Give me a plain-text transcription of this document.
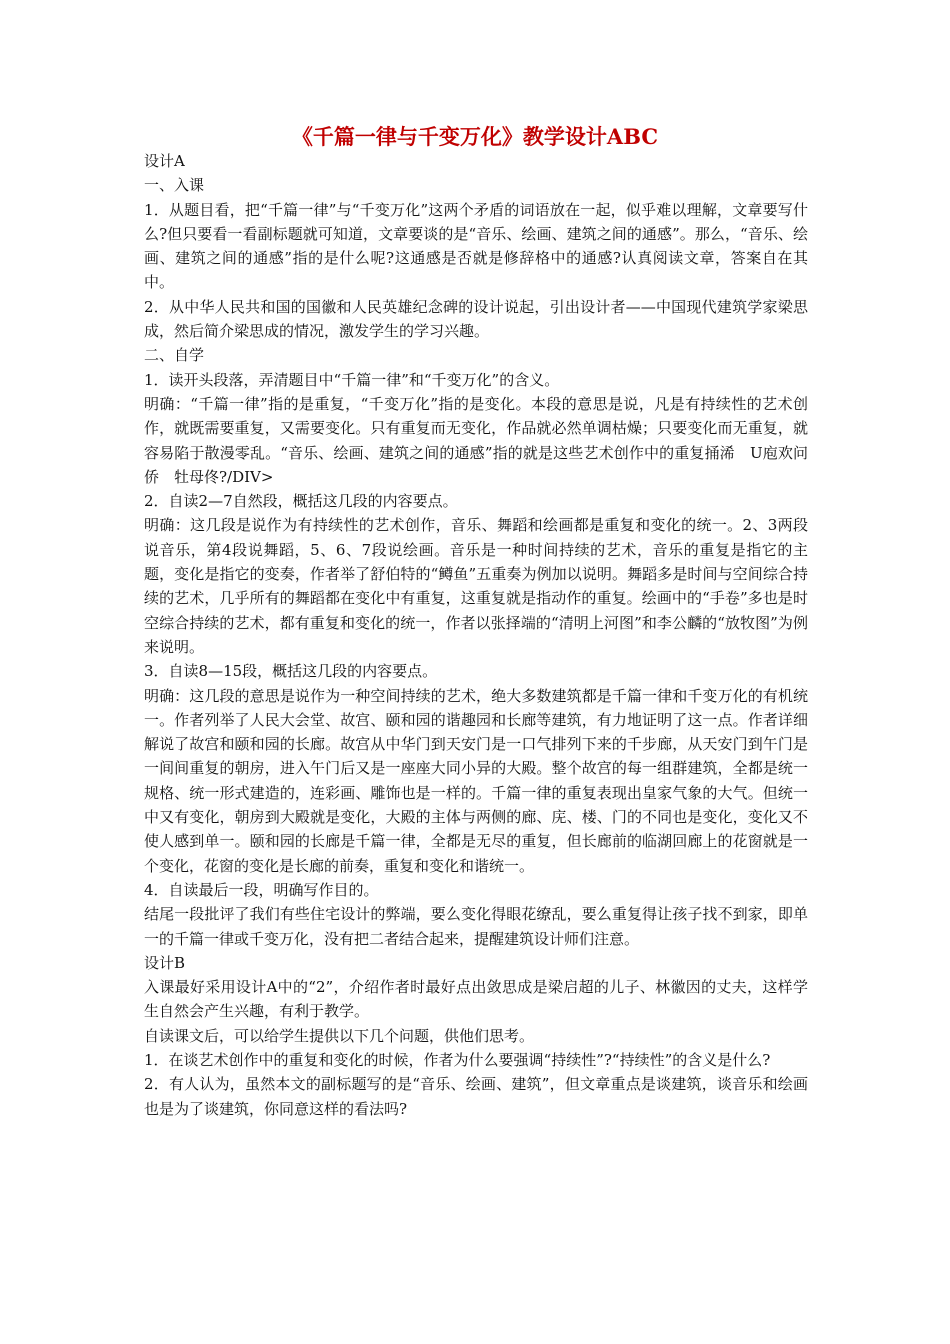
《千篇一律与千变万化》教学设计ABC

设计A

一、入课

1．从题目看，把“千篇一律”与“千变万化”这两个矛盾的词语放在一起，似乎难以理解，文章要写什么?但只要看一看副标题就可知道，文章要谈的是“音乐、绘画、建筑之间的通感”。那么，“音乐、绘画、建筑之间的通感”指的是什么呢?这通感是否就是修辞格中的通感?认真阅读文章，答案自在其中。

2．从中华人民共和国的国徽和人民英雄纪念碑的设计说起，引出设计者——中国现代建筑学家梁思成，然后简介梁思成的情况，激发学生的学习兴趣。

二、自学

1．读开头段落，弄清题目中“千篇一律”和“千变万化”的含义。

明确：“千篇一律”指的是重复，“千变万化”指的是变化。本段的意思是说，凡是有持续性的艺术创作，就既需要重复，又需要变化。只有重复而无变化，作品就必然单调枯燥；只要变化而无重复，就容易陷于散漫零乱。“音乐、绘画、建筑之间的通感”指的就是这些艺术创作中的重复捅浠　U庖欢问侨　牡母佟?/DIV>

2．自读2—7自然段，概括这几段的内容要点。

明确：这几段是说作为有持续性的艺术创作，音乐、舞蹈和绘画都是重复和变化的统一。2、3两段说音乐，第4段说舞蹈，5、6、7段说绘画。音乐是一种时间持续的艺术，音乐的重复是指它的主题，变化是指它的变奏，作者举了舒伯特的“鳟鱼”五重奏为例加以说明。舞蹈多是时间与空间综合持续的艺术，几乎所有的舞蹈都在变化中有重复，这重复就是指动作的重复。绘画中的“手卷”多也是时空综合持续的艺术，都有重复和变化的统一，作者以张择端的“清明上河图”和李公麟的“放牧图”为例来说明。

3．自读8—15段，概括这几段的内容要点。

明确：这几段的意思是说作为一种空间持续的艺术，绝大多数建筑都是千篇一律和千变万化的有机统一。作者列举了人民大会堂、故宫、颐和园的谐趣园和长廊等建筑，有力地证明了这一点。作者详细解说了故宫和颐和园的长廊。故宫从中华门到天安门是一口气排列下来的千步廊，从天安门到午门是一间间重复的朝房，进入午门后又是一座座大同小异的大殿。整个故宫的每一组群建筑，全都是统一规格、统一形式建造的，连彩画、雕饰也是一样的。千篇一律的重复表现出皇家气象的大气。但统一中又有变化，朝房到大殿就是变化，大殿的主体与两侧的廊、庑、楼、门的不同也是变化，变化又不使人感到单一。颐和园的长廊是千篇一律，全都是无尽的重复，但长廊前的临湖回廊上的花窗就是一个变化，花窗的变化是长廊的前奏，重复和变化和谐统一。

4．自读最后一段，明确写作目的。

结尾一段批评了我们有些住宅设计的弊端，要么变化得眼花缭乱，要么重复得让孩子找不到家，即单一的千篇一律或千变万化，没有把二者结合起来，提醒建筑设计师们注意。

设计B

入课最好采用设计A中的“2”，介绍作者时最好点出敛思成是梁启超的儿子、林徽因的丈夫，这样学生自然会产生兴趣，有利于教学。

自读课文后，可以给学生提供以下几个问题，供他们思考。

1．在谈艺术创作中的重复和变化的时候，作者为什么要强调“持续性”?“持续性”的含义是什么?

2．有人认为，虽然本文的副标题写的是“音乐、绘画、建筑”，但文章重点是谈建筑，谈音乐和绘画也是为了谈建筑，你同意这样的看法吗?
